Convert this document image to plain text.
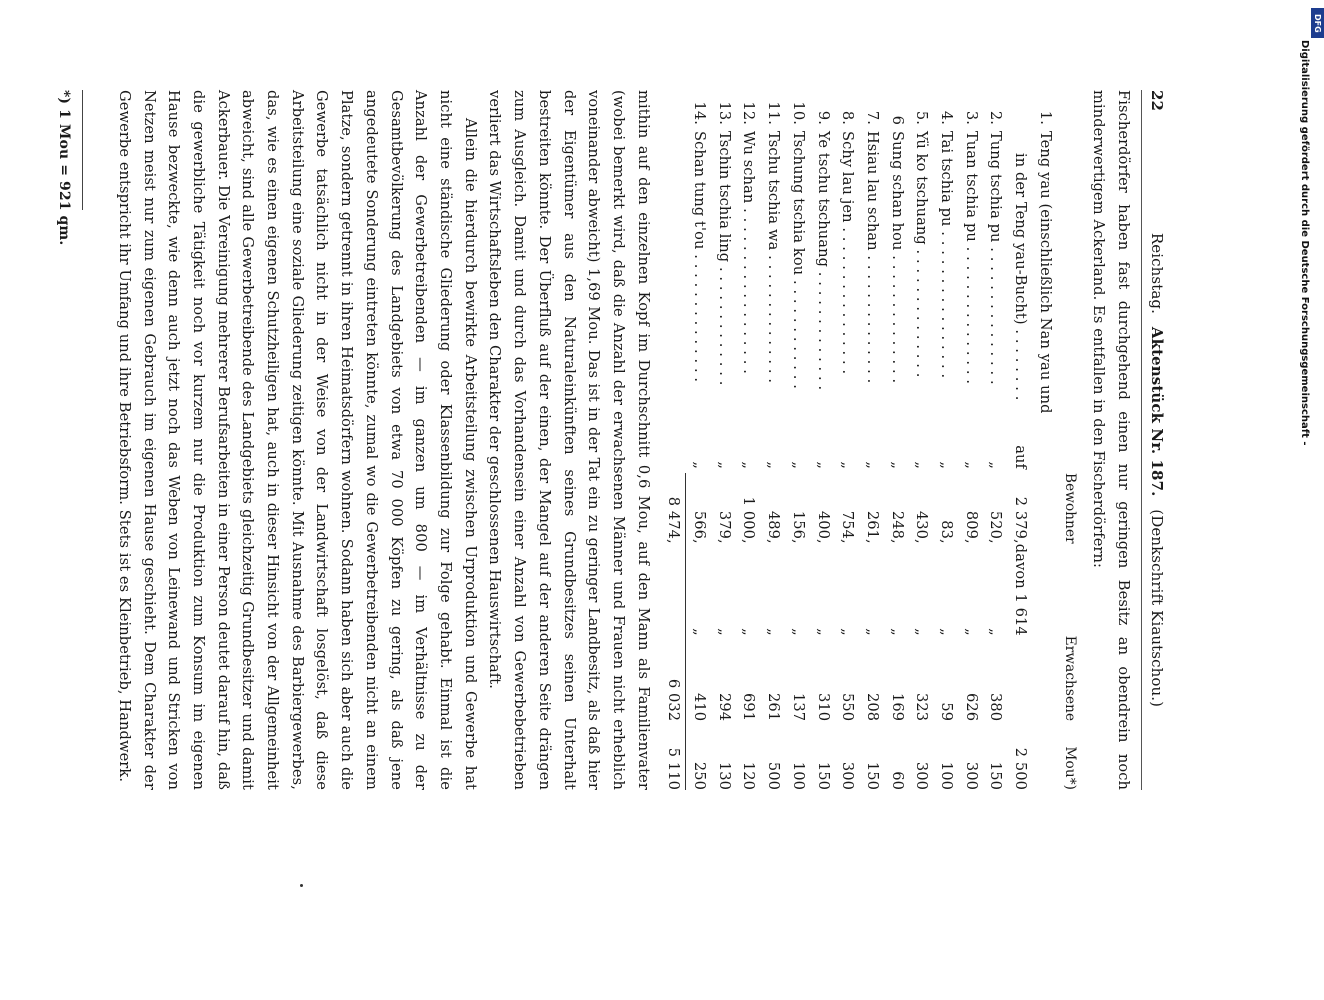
22
Reichstag. Aktenstück Nr. 187. (Denkschrift Kiautschou.)

Fischerdörfer haben fast durchgehend einen nur geringen Besitz an obendrein noch minderwertigem Ackerland. Es entfallen in den Fischerdörfern:

			Bewohner		Erwachsene	Mou*)
1.	Teng yau (einschließlich Nan yau und					
	in der Teng yau-Bucht) . . . . . . . .	auf	2 379,	davon 1 614		2 500
2.	Tung tschia pu . . . . . . . . . . . . . . .	„	520,	„	380	150
3.	Tuan tschia pu . . . . . . . . . . . . . . .	„	809,	„	626	300
4.	Tai tschia pu . . . . . . . . . . . . . . . .	„	83,	„	59	100
5.	Yü ko tschuang . . . . . . . . . . . . . .	„	430,	„	323	300
6	Sung schan hou . . . . . . . . . . . . . .	„	248,	„	169	60
7.	Hsiau lau schan . . . . . . . . . . . . . .	„	261,	„	208	150
8.	Schy lau jen . . . . . . . . . . . . . . . .	„	754,	„	550	300
9.	Ye tschu tschuang . . . . . . . . . . . . .	„	400,	„	310	150
10.	Tschung tschia kou . . . . . . . . . . . .	„	156,	„	137	100
11.	Tschu tschia wa . . . . . . . . . . . . . .	„	489,	„	261	500
12.	Wu schan . . . . . . . . . . . . . . . . . .	„	1 000,	„	691	120
13.	Tschin tschia ling . . . . . . . . . . . . .	„	379,	„	294	130
14.	Schan tung t'ou . . . . . . . . . . . . . .	„	566,	„	410	250
			8 474,		6 032	5 110

mithin auf den einzelnen Kopf im Durchschnitt 0,6 Mou, auf den Mann als Familienvater (wobei bemerkt wird, daß die Anzahl der erwachsenen Männer und Frauen nicht erheblich voneinander abweicht) 1,69 Mou. Das ist in der Tat ein zu geringer Landbesitz, als daß hier der Eigentümer aus den Naturaleinkünften seines Grundbesitzes seinen Unterhalt bestreiten könnte. Der Überfluß auf der einen, der Mangel auf der anderen Seite drängen zum Ausgleich. Damit und durch das Vorhandensein einer Anzahl von Gewerbebetrieben verliert das Wirtschaftsleben den Charakter der geschlossenen Hauswirtschaft.

Allein die hierdurch bewirkte Arbeitsteilung zwischen Urproduktion und Gewerbe hat nicht eine ständische Gliederung oder Klassenbildung zur Folge gehabt. Einmal ist die Anzahl der Gewerbetreibenden — im ganzen um 800 — im Verhältnisse zu der Gesamtbevölkerung des Landgebiets von etwa 70 000 Köpfen zu gering, als daß jene angedeutete Sonderung eintreten könnte, zumal wo die Gewerbetreibenden nicht an einem Platze, sondern getrennt in ihren Heimatsdörfern wohnen. Sodann haben sich aber auch die Gewerbe tatsächlich nicht in der Weise von der Landwirtschaft losgelöst, daß diese Arbeitsteilung eine soziale Gliederung zeitigen könnte. Mit Ausnahme des Barbiergewerbes, das, wie es einen eigenen Schutzheiligen hat, auch in dieser Hinsicht von der Allgemeinheit abweicht, sind alle Gewerbetreibende des Landgebiets gleichzeitig Grundbesitzer und damit Ackerbauer. Die Vereinigung mehrerer Berufsarbeiten in einer Person deutet darauf hin, daß die gewerbliche Tätigkeit noch vor kurzem nur die Produktion zum Konsum im eigenen Hause bezweckte, wie denn auch jetzt noch das Weben von Leinewand und Stricken von Netzen meist nur zum eigenen Gebrauch im eigenen Hause geschieht. Dem Charakter der Gewerbe entspricht ihr Umfang und ihre Betriebsform. Stets ist es Kleinbetrieb, Handwerk.

*) 1 Mou = 921 qm.
DFG
Digitalisierung gefördert durch die Deutsche Forschungsgemeinschaft -
